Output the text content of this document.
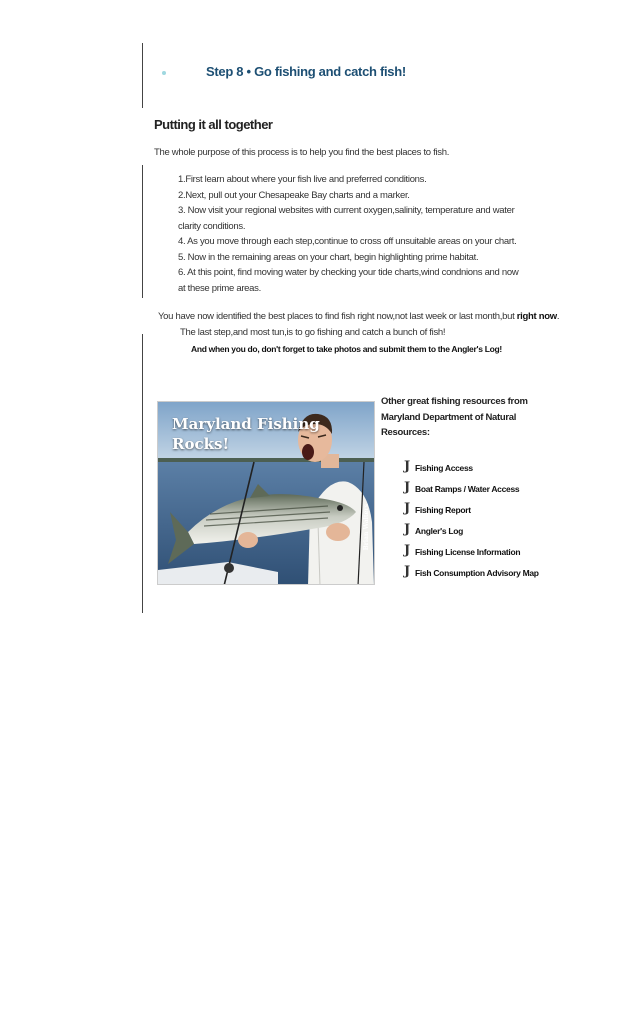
Step 8 • Go fishing and catch fish!
Putting it all together
The whole purpose of this process is to help you find the best places to fish.
1.First learn about where your fish live and preferred conditions.
2.Next, pull out your Chesapeake Bay charts and a marker.
3. Now visit your regional websites with current oxygen,salinity, temperature and water clarity conditions.
4. As you move through each step,continue to cross off unsuitable areas on your chart.
5. Now in the remaining areas on your chart, begin highlighting prime habitat.
6. At this point, find moving water by checking your tide charts,wind condnions and now at these prime areas.
You have now identified the best places to find fish right now,not last week or last month,but right now.
The last step,and most tun,is to go fishing and catch a bunch of fish!
And when you do, don't forget to take photos and submit them to the Angler's Log!
Maryland Fishing
Rocks!
Brian Walters
Other great fishing resources from Maryland Department of Natural Resources:
J Fishing Access
J Boat Ramps / Water Access
J Fishing Report
J Angler's Log
J Fishing License Information
J Fish Consumption Advisory Map
